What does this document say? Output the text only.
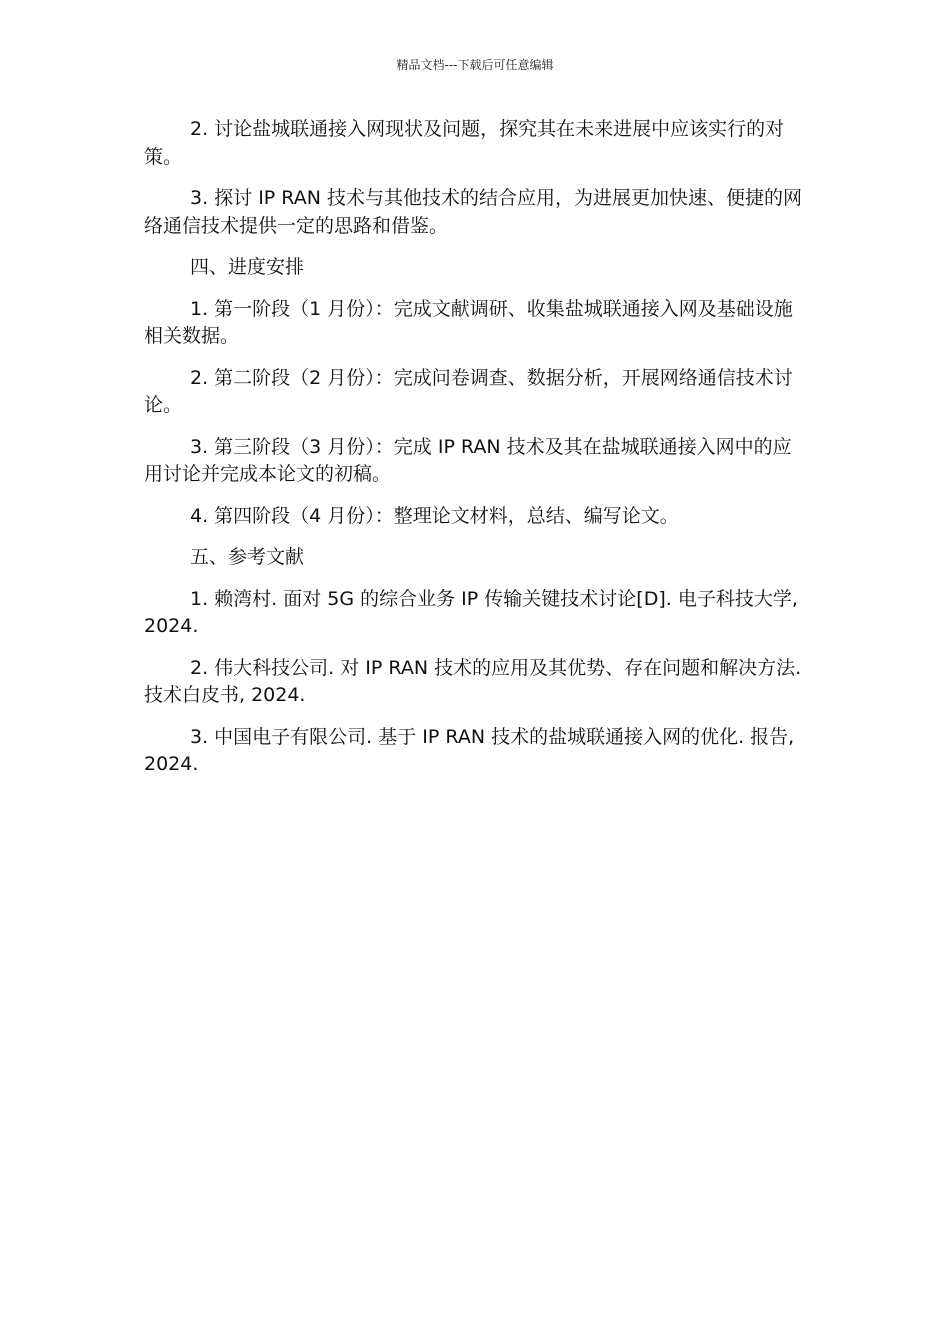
精品文档---下载后可任意编辑

2. 讨论盐城联通接入网现状及问题，探究其在未来进展中应该实行的对策。

3. 探讨 IP RAN 技术与其他技术的结合应用，为进展更加快速、便捷的网络通信技术提供一定的思路和借鉴。

四、进度安排

1. 第一阶段（1 月份）：完成文献调研、收集盐城联通接入网及基础设施相关数据。

2. 第二阶段（2 月份）：完成问卷调查、数据分析，开展网络通信技术讨论。

3. 第三阶段（3 月份）：完成 IP RAN 技术及其在盐城联通接入网中的应用讨论并完成本论文的初稿。

4. 第四阶段（4 月份）：整理论文材料，总结、编写论文。

五、参考文献

1. 赖湾村. 面对 5G 的综合业务 IP 传输关键技术讨论[D]. 电子科技大学, 2024.

2. 伟大科技公司. 对 IP RAN 技术的应用及其优势、存在问题和解决方法. 技术白皮书, 2024.

3. 中国电子有限公司. 基于 IP RAN 技术的盐城联通接入网的优化. 报告, 2024.
